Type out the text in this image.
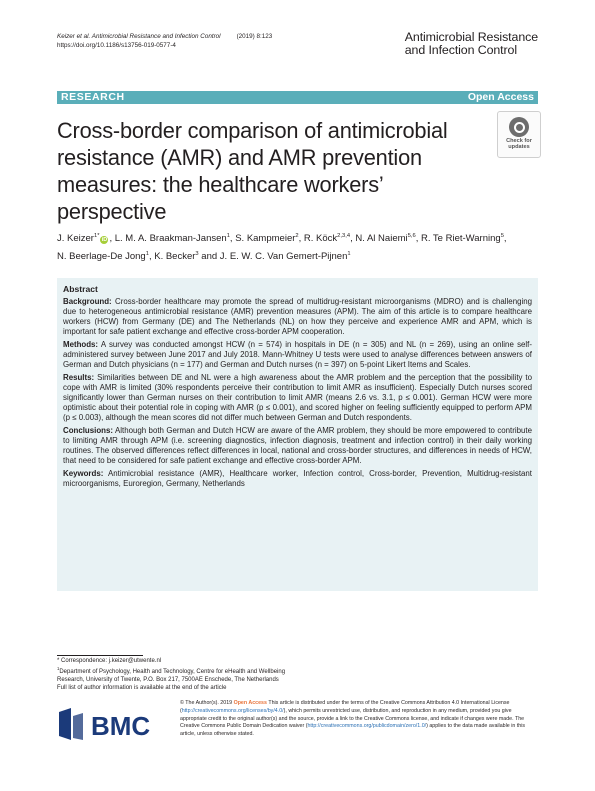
Keizer et al. Antimicrobial Resistance and Infection Control	(2019) 8:123
https://doi.org/10.1186/s13756-019-0577-4
Antimicrobial Resistance
and Infection Control
RESEARCH	Open Access
Cross-border comparison of antimicrobial resistance (AMR) and AMR prevention measures: the healthcare workers’ perspective
Check for
updates
J. Keizer$^{1*}$iD , L. M. A. Braakman-Jansen$^1$, S. Kampmeier$^2$, R. Köck$^{2,3,4}$, N. Al Naiemi$^{5,6}$, R. Te Riet-Warning$^5$,
N. Beerlage-De Jong$^1$, K. Becker$^3$ and J. E. W. C. Van Gemert-Pijnen$^1$
Abstract

Background: Cross-border healthcare may promote the spread of multidrug-resistant microorganisms (MDRO) and is challenging due to heterogeneous antimicrobial resistance (AMR) prevention measures (APM). The aim of this article is to compare healthcare workers (HCW) from Germany (DE) and The Netherlands (NL) on how they perceive and experience AMR and APM, which is important for safe patient exchange and effective cross-border APM cooperation.

Methods: A survey was conducted amongst HCW (n = 574) in hospitals in DE (n = 305) and NL (n = 269), using an online self-administered survey between June 2017 and July 2018. Mann-Whitney U tests were used to analyse differences between answers of German and Dutch physicians (n = 177) and German and Dutch nurses (n = 397) on 5-point Likert Items and Scales.

Results: Similarities between DE and NL were a high awareness about the AMR problem and the perception that the possibility to cope with AMR is limited (30% respondents perceive their contribution to limit AMR as insufficient). Especially Dutch nurses scored significantly lower than German nurses on their contribution to limit AMR (means 2.6 vs. 3.1, p ≤ 0.001). German HCW were more optimistic about their potential role in coping with AMR (p ≤ 0.001), and scored higher on feeling sufficiently equipped to perform APM (p ≤ 0.003), although the mean scores did not differ much between German and Dutch respondents.

Conclusions: Although both German and Dutch HCW are aware of the AMR problem, they should be more empowered to contribute to limiting AMR through APM (i.e. screening diagnostics, infection diagnosis, treatment and infection control) in their daily working routines. The observed differences reflect differences in local, national and cross-border structures, and differences in needs of HCW, that need to be considered for safe patient exchange and effective cross-border APM.

Keywords: Antimicrobial resistance (AMR), Healthcare worker, Infection control, Cross-border, Prevention, Multidrug-resistant microorganisms, Euroregion, Germany, Netherlands

* Correspondence: j.keizer@utwente.nl
$^1$Department of Psychology, Health and Technology, Centre for eHealth and Wellbeing Research, University of Twente, P.O. Box 217, 7500AE Enschede, The Netherlands
Full list of author information is available at the end of the article
BMC
© The Author(s). 2019 Open Access This article is distributed under the terms of the Creative Commons Attribution 4.0 International License (http://creativecommons.org/licenses/by/4.0/), which permits unrestricted use, distribution, and reproduction in any medium, provided you give appropriate credit to the original author(s) and the source, provide a link to the Creative Commons license, and indicate if changes were made. The Creative Commons Public Domain Dedication waiver (http://creativecommons.org/publicdomain/zero/1.0/) applies to the data made available in this article, unless otherwise stated.
